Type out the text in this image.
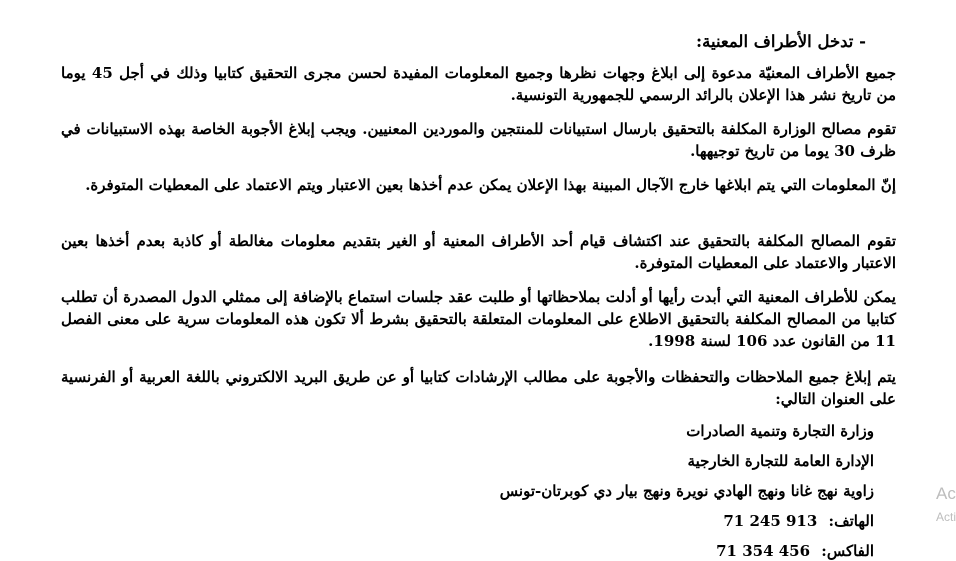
- تدخل الأطراف المعنية:
جميع الأطراف المعنيّة مدعوة إلى ابلاغ وجهات نظرها وجميع المعلومات المفيدة لحسن مجرى التحقيق كتابيا وذلك في أجل 45 يوما من تاريخ نشر هذا الإعلان بالرائد الرسمي للجمهورية التونسية.
تقوم مصالح الوزارة المكلفة بالتحقيق بارسال استبيانات للمنتجين والموردين المعنيين. ويجب إبلاغ الأجوبة الخاصة بهذه الاستبيانات في ظرف 30 يوما من تاريخ توجيهها.
إنّ المعلومات التي يتم ابلاغها خارج الآجال المبينة بهذا الإعلان يمكن عدم أخذها بعين الاعتبار ويتم الاعتماد على المعطيات المتوفرة.
تقوم المصالح المكلفة بالتحقيق عند اكتشاف قيام أحد الأطراف المعنية أو الغير بتقديم معلومات مغالطة أو كاذبة بعدم أخذها بعين الاعتبار والاعتماد على المعطيات المتوفرة.
يمكن للأطراف المعنية التي أبدت رأيها أو أدلت بملاحظاتها أو طلبت عقد جلسات استماع بالإضافة إلى ممثلي الدول المصدرة أن تطلب كتابيا من المصالح المكلفة بالتحقيق الاطلاع على المعلومات المتعلقة بالتحقيق بشرط ألا تكون هذه المعلومات سرية على معنى الفصل 11 من القانون عدد 106 لسنة 1998.
يتم إبلاغ جميع الملاحظات والتحفظات والأجوبة على مطالب الإرشادات كتابيا أو عن طريق البريد الالكتروني باللغة العربية أو الفرنسية على العنوان التالي:
وزارة التجارة وتنمية الصادرات
الإدارة العامة للتجارة الخارجية
زاوية نهج غانا ونهج الهادي نويرة ونهج بيار دي كوبرتان-تونس
الهاتف: 71 245 913
الفاكس: 71 354 456
Ac
Acti
